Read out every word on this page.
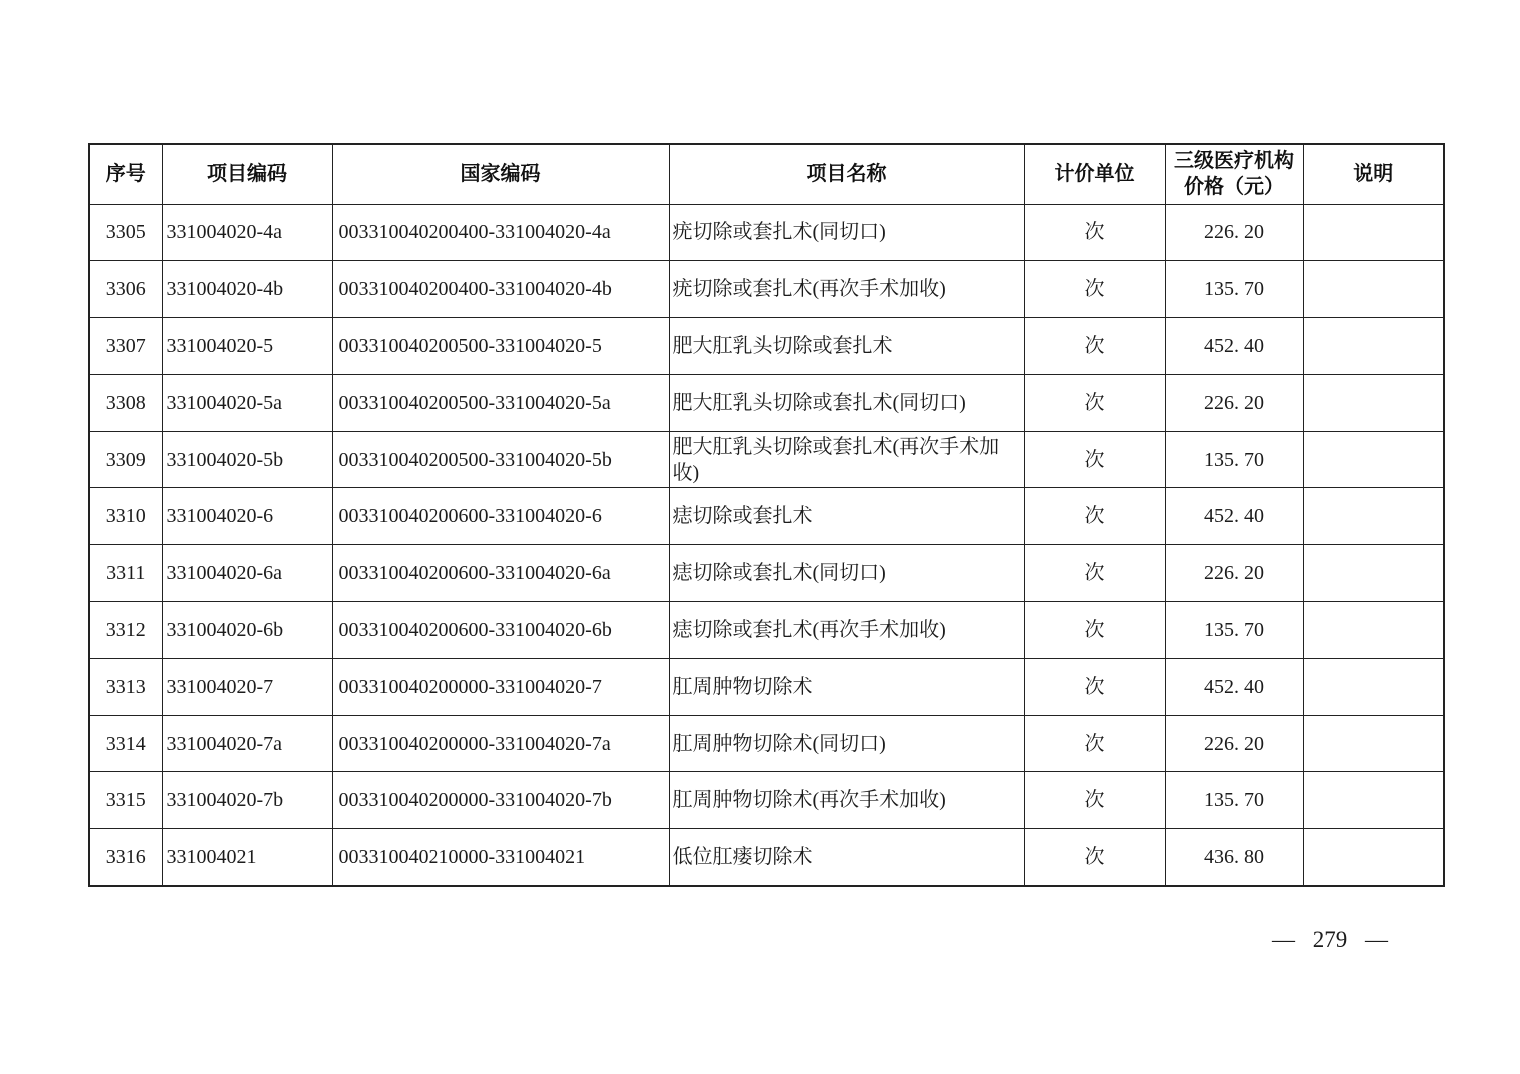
序号	项目编码	国家编码	项目名称	计价单位	三级医疗机构价格（元）	说明
3305	331004020-4a	003310040200400-331004020-4a	疣切除或套扎术(同切口)	次	226. 20	
3306	331004020-4b	003310040200400-331004020-4b	疣切除或套扎术(再次手术加收)	次	135. 70	
3307	331004020-5	003310040200500-331004020-5	肥大肛乳头切除或套扎术	次	452. 40	
3308	331004020-5a	003310040200500-331004020-5a	肥大肛乳头切除或套扎术(同切口)	次	226. 20	
3309	331004020-5b	003310040200500-331004020-5b	肥大肛乳头切除或套扎术(再次手术加收)	次	135. 70	
3310	331004020-6	003310040200600-331004020-6	痣切除或套扎术	次	452. 40	
3311	331004020-6a	003310040200600-331004020-6a	痣切除或套扎术(同切口)	次	226. 20	
3312	331004020-6b	003310040200600-331004020-6b	痣切除或套扎术(再次手术加收)	次	135. 70	
3313	331004020-7	003310040200000-331004020-7	肛周肿物切除术	次	452. 40	
3314	331004020-7a	003310040200000-331004020-7a	肛周肿物切除术(同切口)	次	226. 20	
3315	331004020-7b	003310040200000-331004020-7b	肛周肿物切除术(再次手术加收)	次	135. 70	
3316	331004021	003310040210000-331004021	低位肛瘘切除术	次	436. 80	
— 279 —
